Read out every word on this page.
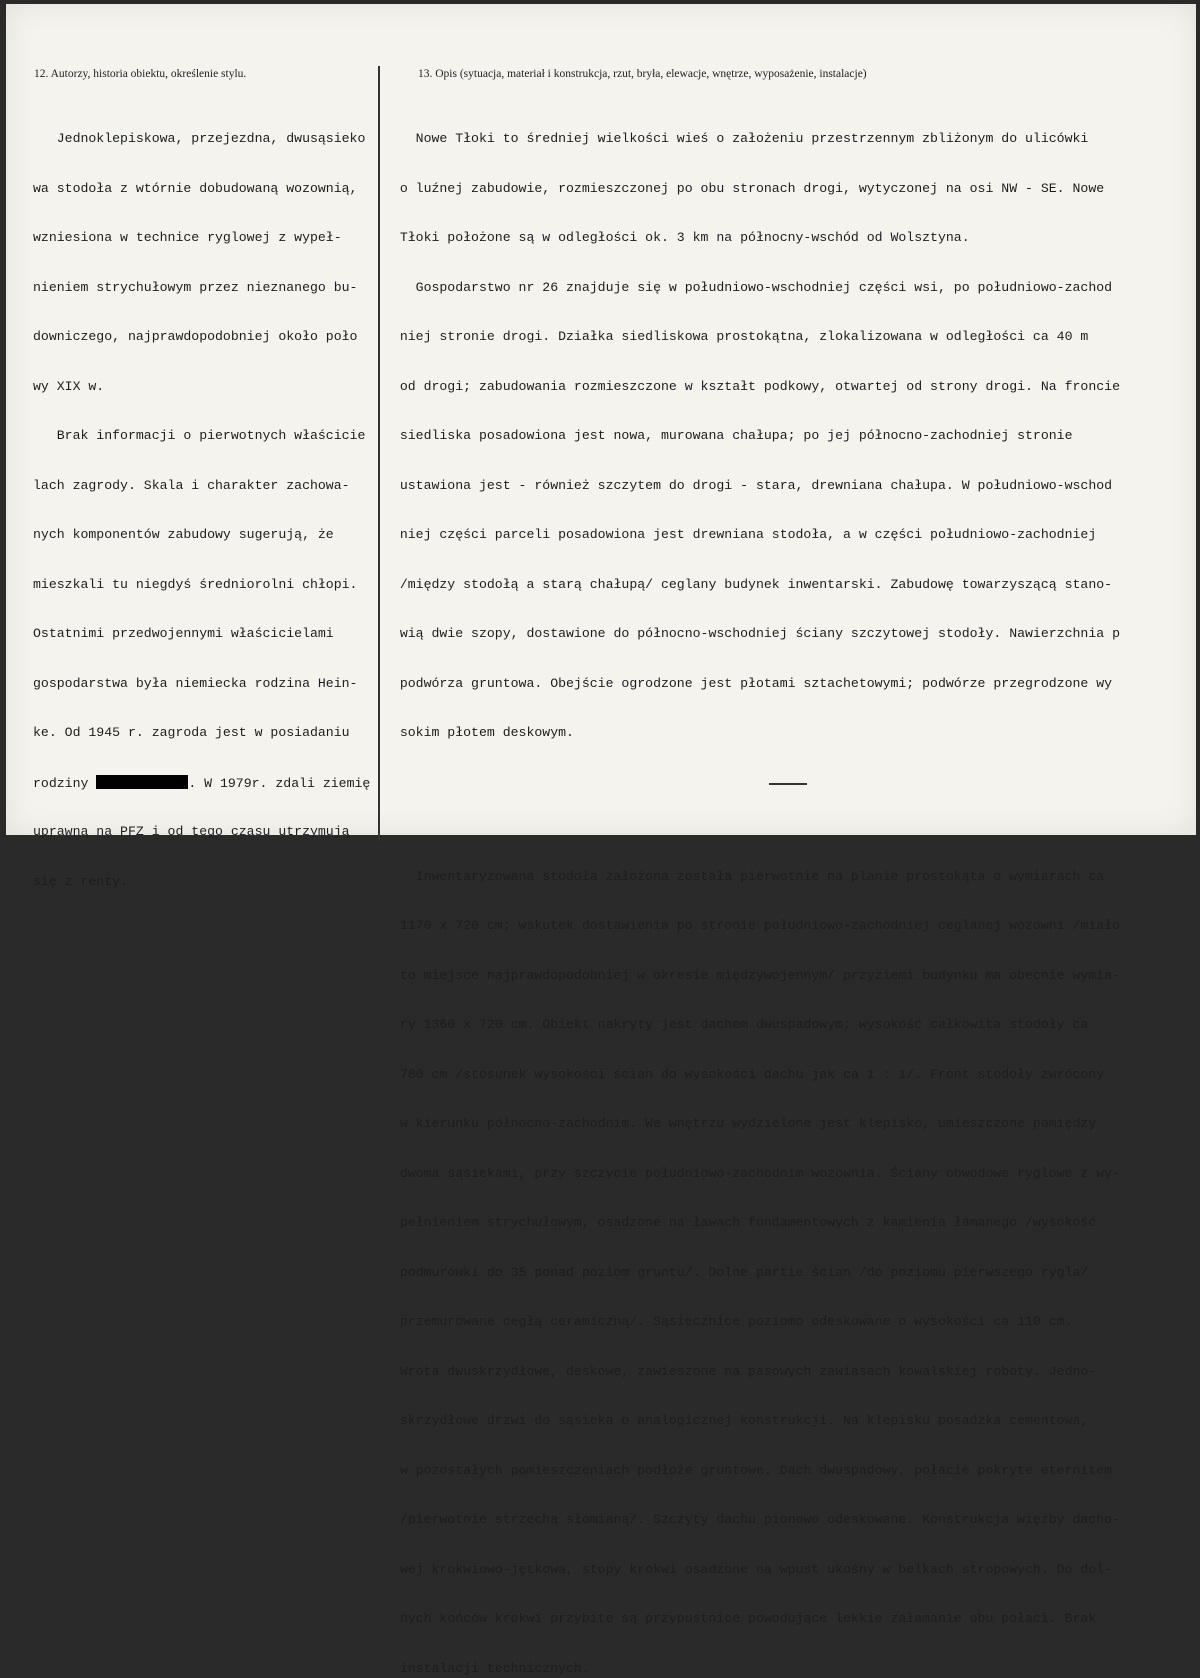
12. Autorzy, historia obiektu, określenie stylu.	13. Opis (sytuacja, materiał i konstrukcja, rzut, bryła, elewacje, wnętrze, wyposażenie, instalacje)

Jednoklepiskowa, przejezdna, dwusąsieko

wa stodoła z wtórnie dobudowaną wozownią,

wzniesiona w technice ryglowej z wypeł-

nieniem strychułowym przez nieznanego bu-

downiczego, najprawdopodobniej około poło

wy XIX w.

Brak informacji o pierwotnych właściciе

lach zagrody. Skala i charakter zachowa-

nych komponentów zabudowy sugerują, że

mieszkali tu niegdyś średniorolni chłopi.

Ostatnimi przedwojennymi właścicielami

gospodarstwa była niemiecka rodzina Hein-

ke. Od 1945 r. zagroda jest w posiadaniu

rodziny	. W 1979r. zdali ziemię

uprawną na PFZ i od tego czasu utrzymują

się z renty.

Nowe Tłoki to średniej wielkości wieś o założeniu przestrzennym zbliżonym do ulicówki

o luźnej zabudowie, rozmieszczonej po obu stronach drogi, wytyczonej na osi NW - SE. Nowe

Tłoki położone są w odległości ok. 3 km na północny-wschód od Wolsztyna.

Gospodarstwo nr 26 znajduje się w południowo-wschodniej części wsi, po południowo-zachod

niej stronie drogi. Działka siedliskowa prostokątna, zlokalizowana w odległości ca 40 m

od drogi; zabudowania rozmieszczone w kształt podkowy, otwartej od strony drogi. Na froncie

siedliska posadowiona jest nowa, murowana chałupa; po jej północno-zachodniej stronie

ustawiona jest - również szczytem do drogi - stara, drewniana chałupa. W południowo-wschod

niej części parceli posadowiona jest drewniana stodoła, a w części południowo-zachodniej

/między stodołą a starą chałupą/ ceglany budynek inwentarski. Zabudowę towarzyszącą stano-

wią dwie szopy, dostawione do północno-wschodniej ściany szczytowej stodoły. Nawierzchnia p

podwórza gruntowa. Obejście ogrodzone jest płotami sztachetowymi; podwórze przegrodzone wy

sokim płotem deskowym.

Inwentaryzowana stodoła założona została pierwotnie na planie prostokąta o wymiarach ca

1170 x 720 cm; wskutek dostawienia po stronie południowo-zachodniej ceglanej wozowni /miało

to miejsce najprawdopodobniej w okresie międzywojennym/ przyziemi budynku ma obecnie wymia-

ry 1360 x 720 cm. Obiekt nakryty jest dachem dwuspadowym; wysokość całkowita stodoły ca

780 cm /stosunek wysokości ścian do wysokości dachu jak ca 1 : 1/. Front stodoły zwrócony

w kierunku północno-zachodnim. We wnętrzu wydzielone jest klepisko, umieszczone pomiędzy

dwoma sąsiekami, przy szczycie południowo-zachodnim wozownia. Ściany obwodowe ryglowe z wy-

pełnieniem strychułowym, osadzone na ławach fundamentowych z kamienia łamanego /wysokość

podmurówki do 35 ponad poziom gruntu/. Dolne partie ścian /do poziomu pierwszego rygla/

przemurowane cegłą ceramiczną/. Sąsiecznice poziomo odeskowane o wysokości ca 110 cm.

Wrota dwuskrzydłowe, deskowe, zawieszone na pasowych zawiasach kowalskiej roboty. Jedno-

skrzydłowe drzwi do sąsieka o analogicznej konstrukcji. Na klepisku posadzka cementowa,

w pozostałych pomieszczeniach podłoże gruntowe. Dach dwuspadowy, połacie pokryte eternitem

/pierwotnie strzechą słomianą/. Szczyty dachu pionowo odeskowane. Konstrukcja więźby dacho-

wej krokwiowo-jętkowa, stopy krokwi osadzone na wpust ukośny w belkach stropowych. Do dol-

nych końców krokwi przybite są przypustnice powodujące lekkie załamanie obu połaci. Brak

instalacji technicznych.
